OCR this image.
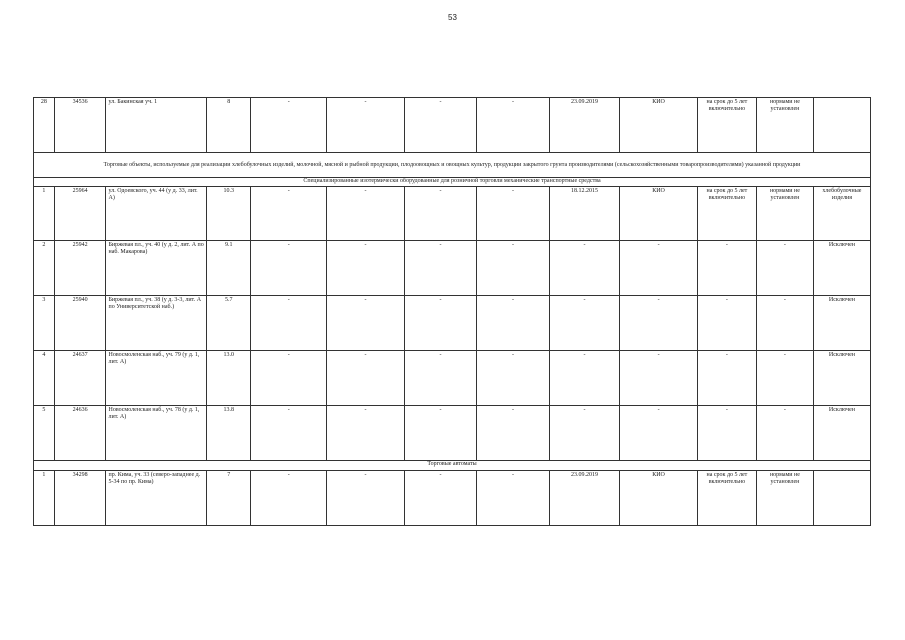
53
28	34536	ул. Бакинская уч. 1	8	-	-	-	-	23.09.2019	КИО	на срок до 5 лет включительно	нормами не установлен	
Торговые объекты, используемые для реализации хлебобулочных изделий, молочной, мясной и рыбной продукции, плодоовощных и овощных культур, продукции закрытого грунта производителями (сельскохозяйственными товаропроизводителями) указанной продукции												
Специализированные изотермически оборудованные для розничной торговли механические транспортные средства												
1	25964	ул. Одоевского, уч. 44 (у д. 33, лит. А)	10.3	-	-	-	-	18.12.2015	КИО	на срок до 5 лет включительно	нормами не установлен	хлебобулочные изделия
2	25942	Биржевая пл., уч. 40 (у д. 2, лит. А по наб. Макарова)	9.1	-	-	-	-	-	-	-	-	Исключен
3	25940	Биржевая пл., уч. 38 (у д. 3-3, лит. А по Университетской наб.)	5.7	-	-	-	-	-	-	-	-	Исключен
4	24637	Новосмоленская наб., уч. 79 (у д. 1, лит. А)	13.0	-	-	-	-	-	-	-	-	Исключен
5	24636	Новосмоленская наб., уч. 78 (у д. 1, лит. А)	13.8	-	-	-	-	-	-	-	-	Исключен
Торговые автоматы												
1	34298	пр. Кима, уч. 33 (северо-западнее д. 5-34 по пр. Кима)	7	-	-	-	-	23.09.2019	КИО	на срок до 5 лет включительно	нормами не установлен	
